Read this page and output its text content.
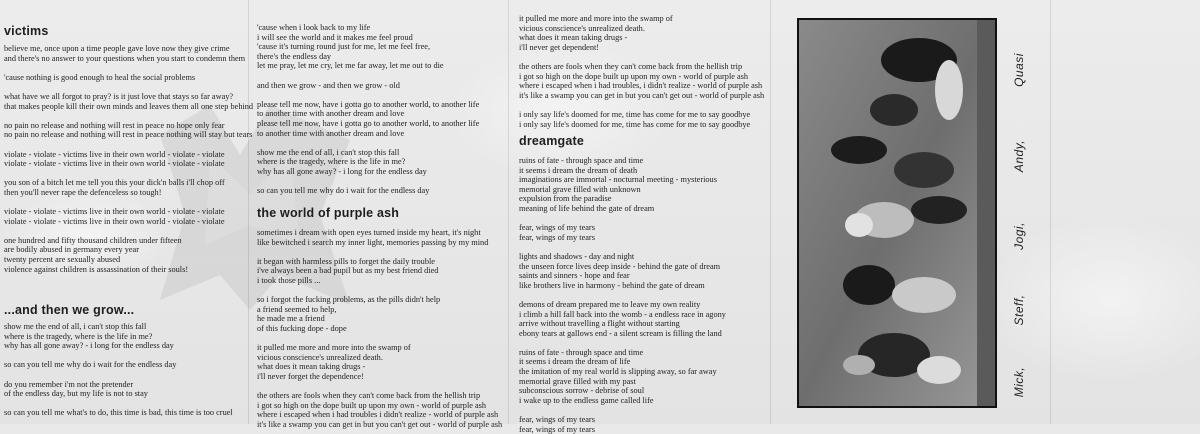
victims
believe me, once upon a time people gave love now they give crime
and there's no answer to your questions when you start to condemn them
'cause nothing is good enough to heal the social problems
what have we all forgot to pray? is it just love that stays so far away?
that makes people kill their own minds and leaves them all one step behind
no pain no release and nothing will rest in peace no hope only fear
no pain no release and nothing will rest in peace nothing will stay but tears
violate - violate - victims live in their own world - violate - violate
violate - violate - victims live in their own world - violate - violate
you son of a bitch let me tell you this your dick'n balls i'll chop off
then you'll never rape the defenceless so tough!
violate - violate - victims live in their own world - violate - violate
violate - violate - victims live in their own world - violate - violate
one hundred and fifty thousand children under fifteen
are bodily abused in germany every year
twenty percent are sexually abused
violence against children is assassination of their souls!
...and then we grow...
show me the end of all, i can't stop this fall
where is the tragedy, where is the life in me?
why has all gone away? - i long for the endless day
so can you tell me why do i wait for the endless day
do you remember i'm not the pretender
of the endless day, but my life is not to stay
so can you tell me what's to do, this time is bad, this time is too cruel
'cause when i look back to my life
i will see the world and it makes me feel proud
'cause it's turning round just for me, let me feel free,
there's the endless day
let me pray, let me cry, let me far away, let me out to die
and then we grow - and then we grow - old
please tell me now, have i gotta go to another world, to another life
to another time with another dream and love
please tell me now, have i gotta go to another world, to another life
to another time with another dream and love
show me the end of all, i can't stop this fall
where is the tragedy, where is the life in me?
why has all gone away? - i long for the endless day
so can you tell me why do i wait for the endless day
the world of purple ash
sometimes i dream with open eyes turned inside my heart, it's night
like bewitched i search my inner light, memories passing by my mind
it began with harmless pills to forget the daily trouble
i've always been a bad pupil but as my best friend died
i took those pills ...
so i forgot the fucking problems, as the pills didn't help
a friend seemed to help,
he made me a friend
of this fucking dope - dope
it pulled me more and more into the swamp of
vicious conscience's unrealized death.
what does it mean taking drugs -
i'll never forget the dependence!
the others are fools when they can't come back from the hellish trip
i got so high on the dope built up upon my own - world of purple ash
where i escaped when i had troubles i didn't realize - world of purple ash
it's like a swamp you can get in but you can't get out - world of purple ash
it pulled me more and more into the swamp of
vicious conscience's unrealized death.
what does it mean taking drugs -
i'll never get dependent!
the others are fools when they can't come back from the hellish trip
i got so high on the dope built up upon my own - world of purple ash
where i escaped when i had troubles, i didn't realize - world of purple ash
it's like a swamp you can get in but you can't get out - world of purple ash
i only say life's doomed for me, time has come for me to say goodbye
i only say life's doomed for me, time has come for me to say goodbye
dreamgate
ruins of fate - through space and time
it seems i dream the dream of death
imaginations are immortal - nocturnal meeting - mysterious
memorial grave filled with unknown
expulsion from the paradise
meaning of life behind the gate of dream
fear, wings of my tears
fear, wings of my tears
lights and shadows - day and night
the unseen force lives deep inside - behind the gate of dream
saints and sinners - hope and fear
like brothers live in harmony - behind the gate of dream
demons of dream prepared me to leave my own reality
i climb a hill fall back into the womb - a endless race in agony
arrive without travelling a flight without starting
ebony tears at gallows end - a silent scream is filling the land
ruins of fate - through space and time
it seems i dream the dream of life
the imitation of my real world is slipping away, so far away
memorial grave filled with my past
subconscious sorrow - debrise of soul
i wake up to the endless game called life
fear, wings of my tears
fear, wings of my tears
Mick,
Steff,
Jogi,
Andy,
Quasi
